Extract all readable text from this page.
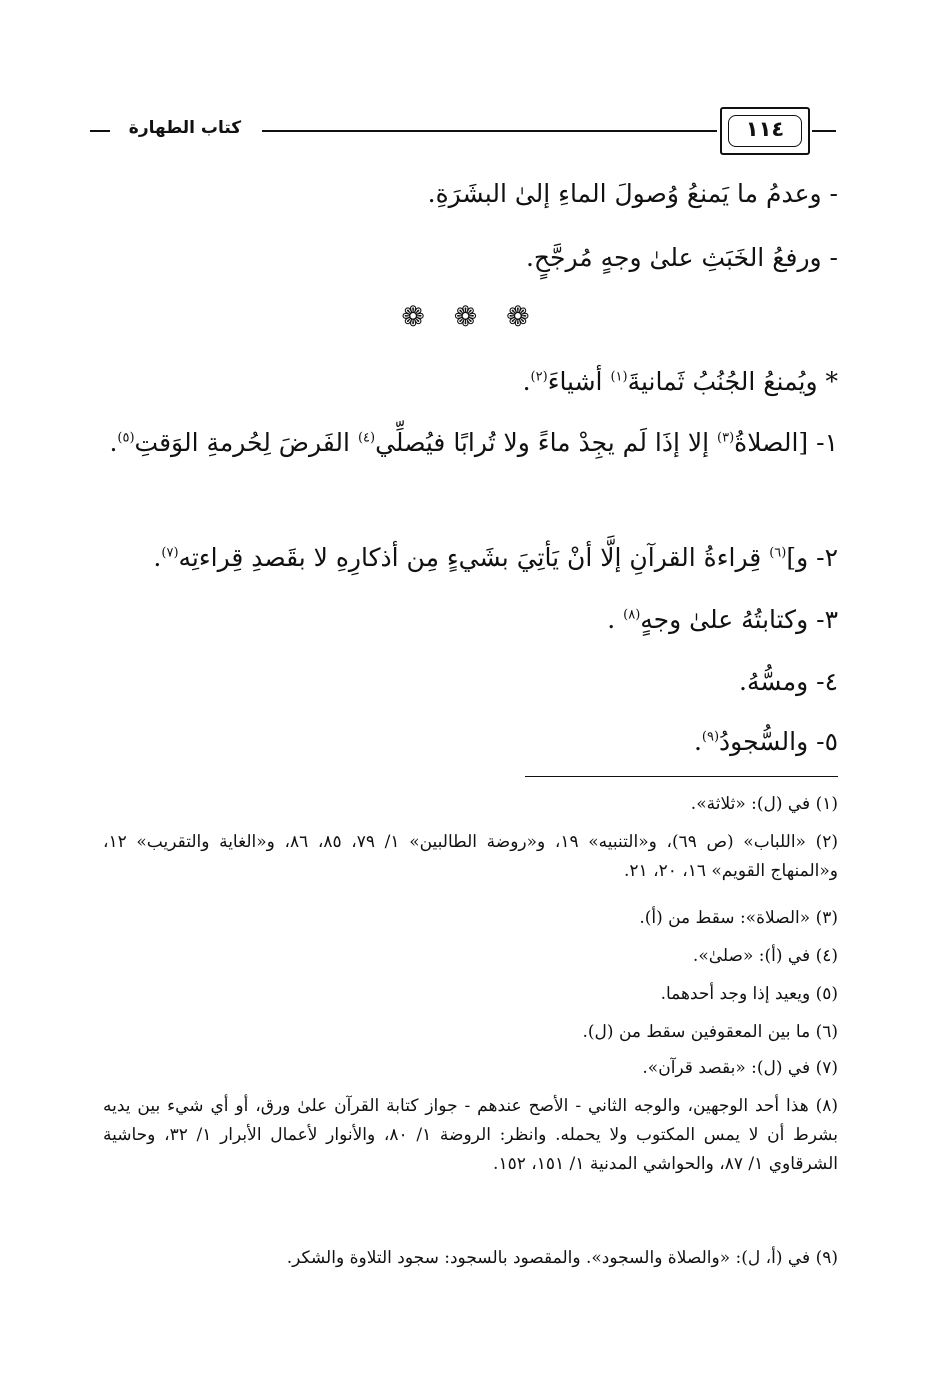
١١٤
كتاب الطهارة
- وعدمُ ما يَمنعُ وُصولَ الماءِ إلىٰ البشَرَةِ.
- ورفعُ الخَبَثِ علىٰ وجهٍ مُرجَّحٍ.
❁ ❁ ❁
* ويُمنعُ الجُنُبُ ثَمانيةَ$^{(١)}$ أشياءَ$^{(٢)}$.
١- [الصلاةُ$^{(٣)}$ إلا إذَا لَم يجِدْ ماءً ولا تُرابًا فيُصلِّي$^{(٤)}$ الفَرضَ لِحُرمةِ الوَقتِ$^{(٥)}$.
٢- و]$^{(٦)}$ قِراءةُ القرآنِ إلَّا أنْ يَأتِيَ بشَيءٍ مِن أذكارِهِ لا بقَصدِ قِراءتِه$^{(٧)}$.
٣- وكتابتُهُ علىٰ وجهٍ$^{(٨)}$ .
٤- ومسُّهُ.
٥- والسُّجودُ$^{(٩)}$.
(١) في (ل): «ثلاثة».
(٢) «اللباب» (ص ٦٩)، و«التنبيه» ١٩، و«روضة الطالبين» ١/ ٧٩، ٨٥، ٨٦، و«الغاية والتقريب» ١٢، و«المنهاج القويم» ١٦، ٢٠، ٢١.
(٣) «الصلاة»: سقط من (أ).
(٤) في (أ): «صلىٰ».
(٥) ويعيد إذا وجد أحدهما.
(٦) ما بين المعقوفين سقط من (ل).
(٧) في (ل): «بقصد قرآن».
(٨) هذا أحد الوجهين، والوجه الثاني - الأصح عندهم - جواز كتابة القرآن علىٰ ورق، أو أي شيء بين يديه بشرط أن لا يمس المكتوب ولا يحمله. وانظر: الروضة ١/ ٨٠، والأنوار لأعمال الأبرار ١/ ٣٢، وحاشية الشرقاوي ١/ ٨٧، والحواشي المدنية ١/ ١٥١، ١٥٢.
(٩) في (أ، ل): «والصلاة والسجود». والمقصود بالسجود: سجود التلاوة والشكر.
